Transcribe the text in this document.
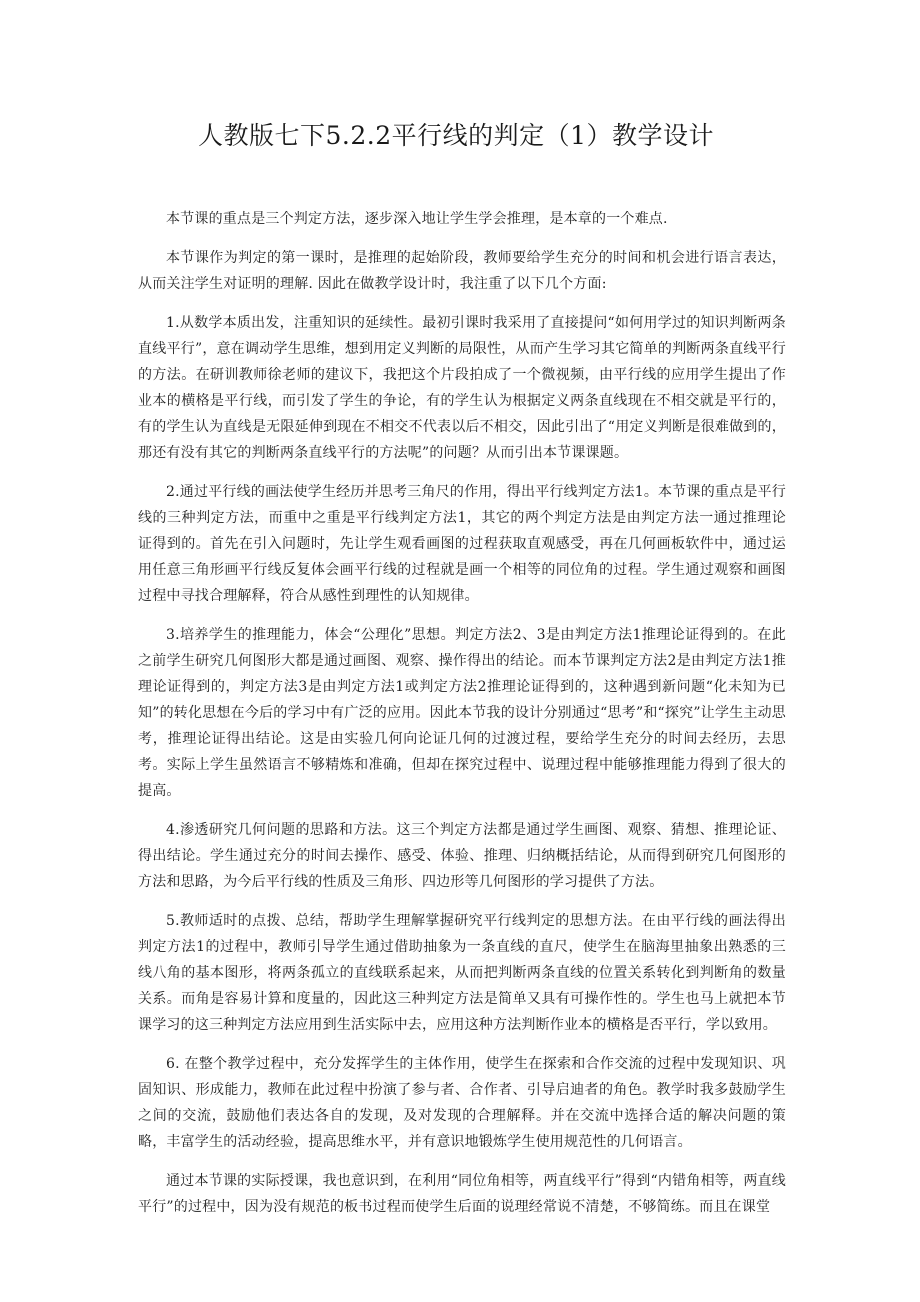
人教版七下5.2.2平行线的判定（1）教学设计

本节课的重点是三个判定方法，逐步深入地让学生学会推理，是本章的一个难点.

本节课作为判定的第一课时，是推理的起始阶段，教师要给学生充分的时间和机会进行语言表达，从而关注学生对证明的理解. 因此在做教学设计时，我注重了以下几个方面:

1.从数学本质出发，注重知识的延续性。最初引课时我采用了直接提问“如何用学过的知识判断两条直线平行”，意在调动学生思维，想到用定义判断的局限性，从而产生学习其它简单的判断两条直线平行的方法。在研训教师徐老师的建议下，我把这个片段拍成了一个微视频，由平行线的应用学生提出了作业本的横格是平行线，而引发了学生的争论，有的学生认为根据定义两条直线现在不相交就是平行的，有的学生认为直线是无限延伸到现在不相交不代表以后不相交，因此引出了“用定义判断是很难做到的，那还有没有其它的判断两条直线平行的方法呢”的问题？从而引出本节课课题。

2.通过平行线的画法使学生经历并思考三角尺的作用，得出平行线判定方法1。本节课的重点是平行线的三种判定方法，而重中之重是平行线判定方法1，其它的两个判定方法是由判定方法一通过推理论证得到的。首先在引入问题时，先让学生观看画图的过程获取直观感受，再在几何画板软件中，通过运用任意三角形画平行线反复体会画平行线的过程就是画一个相等的同位角的过程。学生通过观察和画图过程中寻找合理解释，符合从感性到理性的认知规律。

3.培养学生的推理能力，体会“公理化”思想。判定方法2、3是由判定方法1推理论证得到的。在此之前学生研究几何图形大都是通过画图、观察、操作得出的结论。而本节课判定方法2是由判定方法1推理论证得到的，判定方法3是由判定方法1或判定方法2推理论证得到的，这种遇到新问题“化未知为已知”的转化思想在今后的学习中有广泛的应用。因此本节我的设计分别通过“思考”和“探究”让学生主动思考，推理论证得出结论。这是由实验几何向论证几何的过渡过程，要给学生充分的时间去经历，去思考。实际上学生虽然语言不够精炼和准确，但却在探究过程中、说理过程中能够推理能力得到了很大的提高。

4.渗透研究几何问题的思路和方法。这三个判定方法都是通过学生画图、观察、猜想、推理论证、得出结论。学生通过充分的时间去操作、感受、体验、推理、归纳概括结论，从而得到研究几何图形的方法和思路，为今后平行线的性质及三角形、四边形等几何图形的学习提供了方法。

5.教师适时的点拨、总结，帮助学生理解掌握研究平行线判定的思想方法。在由平行线的画法得出判定方法1的过程中，教师引导学生通过借助抽象为一条直线的直尺，使学生在脑海里抽象出熟悉的三线八角的基本图形，将两条孤立的直线联系起来，从而把判断两条直线的位置关系转化到判断角的数量关系。而角是容易计算和度量的，因此这三种判定方法是简单又具有可操作性的。学生也马上就把本节课学习的这三种判定方法应用到生活实际中去，应用这种方法判断作业本的横格是否平行，学以致用。

6. 在整个教学过程中，充分发挥学生的主体作用，使学生在探索和合作交流的过程中发现知识、巩固知识、形成能力，教师在此过程中扮演了参与者、合作者、引导启迪者的角色。教学时我多鼓励学生之间的交流，鼓励他们表达各自的发现，及对发现的合理解释。并在交流中选择合适的解决问题的策略，丰富学生的活动经验，提高思维水平，并有意识地锻炼学生使用规范性的几何语言。

通过本节课的实际授课，我也意识到，在利用“同位角相等，两直线平行”得到“内错角相等，两直线平行”的过程中，因为没有规范的板书过程而使学生后面的说理经常说不清楚，不够简练。而且在课堂
